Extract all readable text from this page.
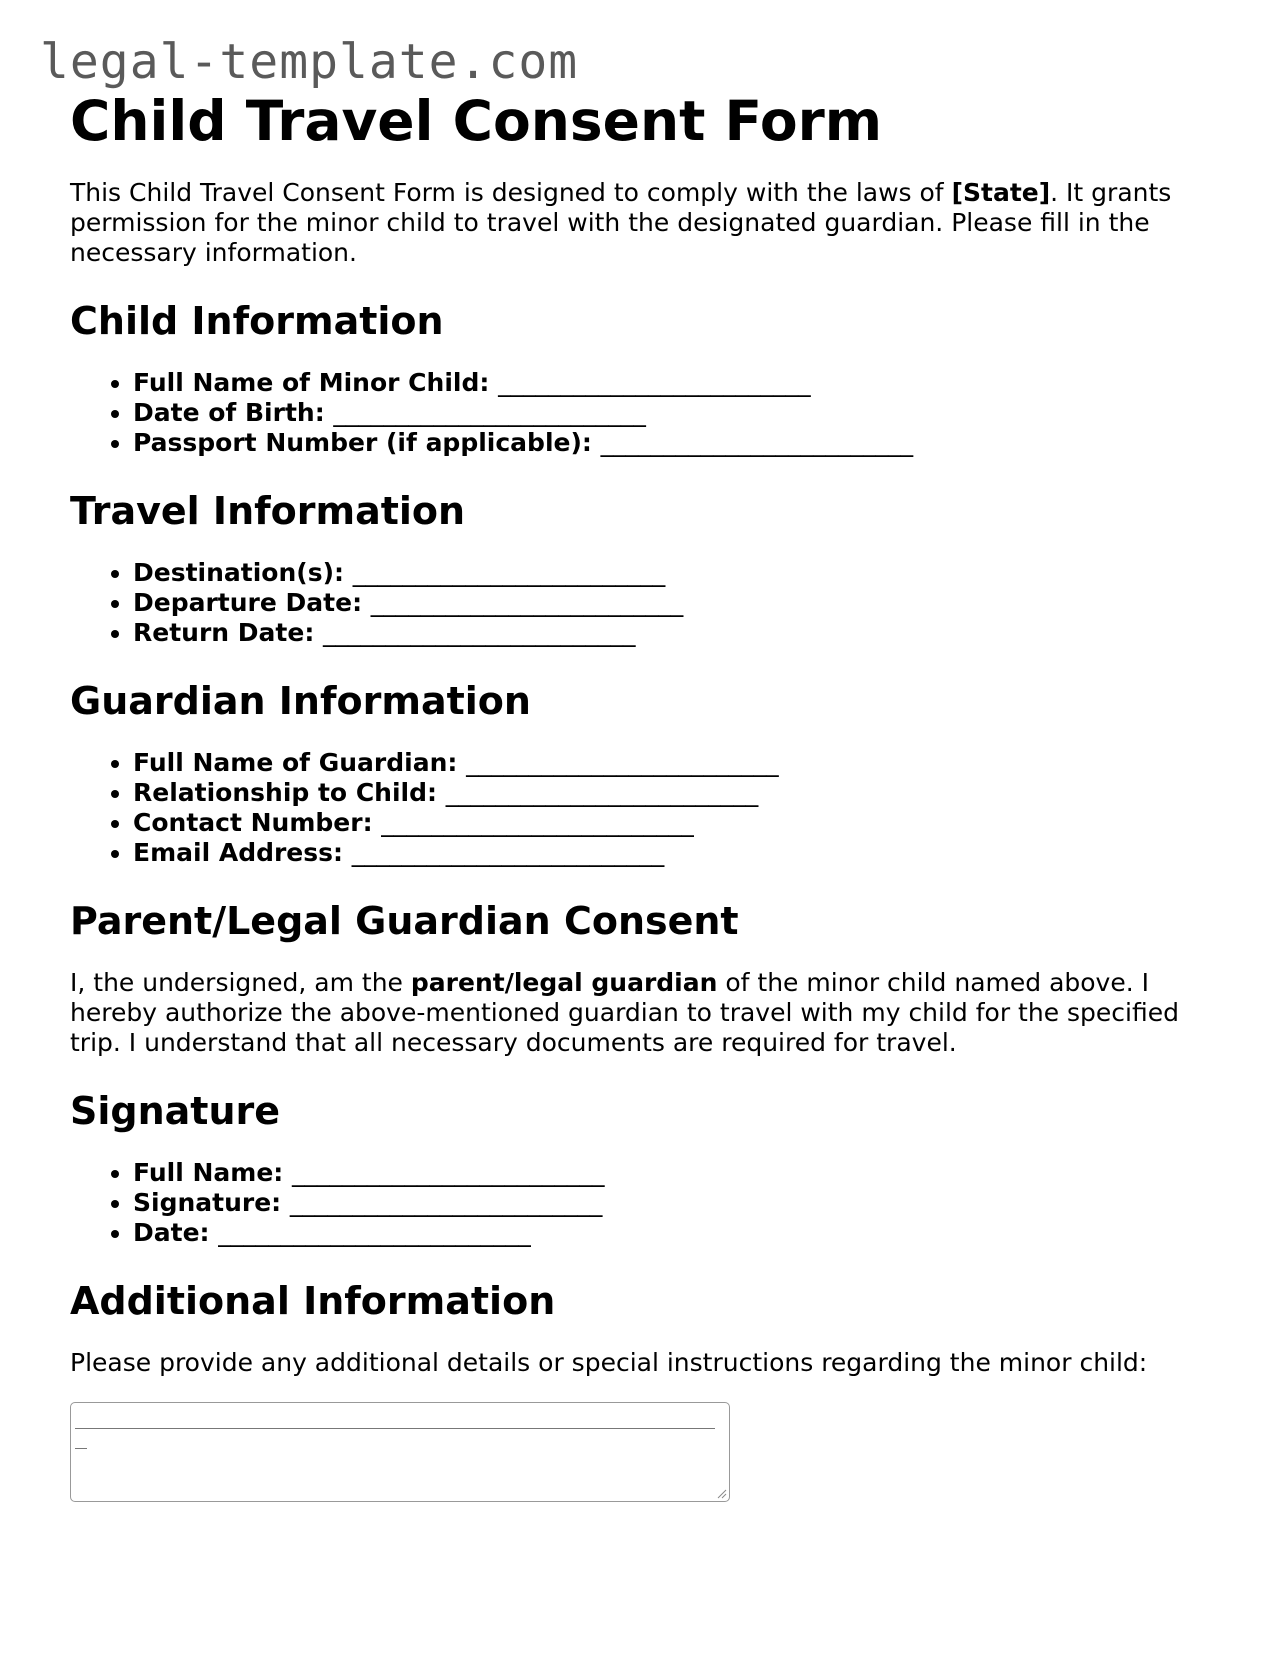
legal-template.com
Child Travel Consent Form

This Child Travel Consent Form is designed to comply with the laws of [State]. It grants permission for the minor child to travel with the designated guardian. Please fill in the necessary information.

Child Information
• Full Name of Minor Child: _________________________
• Date of Birth: _________________________
• Passport Number (if applicable): _________________________
Travel Information
• Destination(s): _________________________
• Departure Date: _________________________
• Return Date: _________________________
Guardian Information
• Full Name of Guardian: _________________________
• Relationship to Child: _________________________
• Contact Number: _________________________
• Email Address: _________________________
Parent/Legal Guardian Consent

I, the undersigned, am the parent/legal guardian of the minor child named above. I hereby authorize the above-mentioned guardian to travel with my child for the specified trip. I understand that all necessary documents are required for travel.

Signature
• Full Name: _________________________
• Signature: _________________________
• Date: _________________________
Additional Information

Please provide any additional details or special instructions regarding the minor child:
